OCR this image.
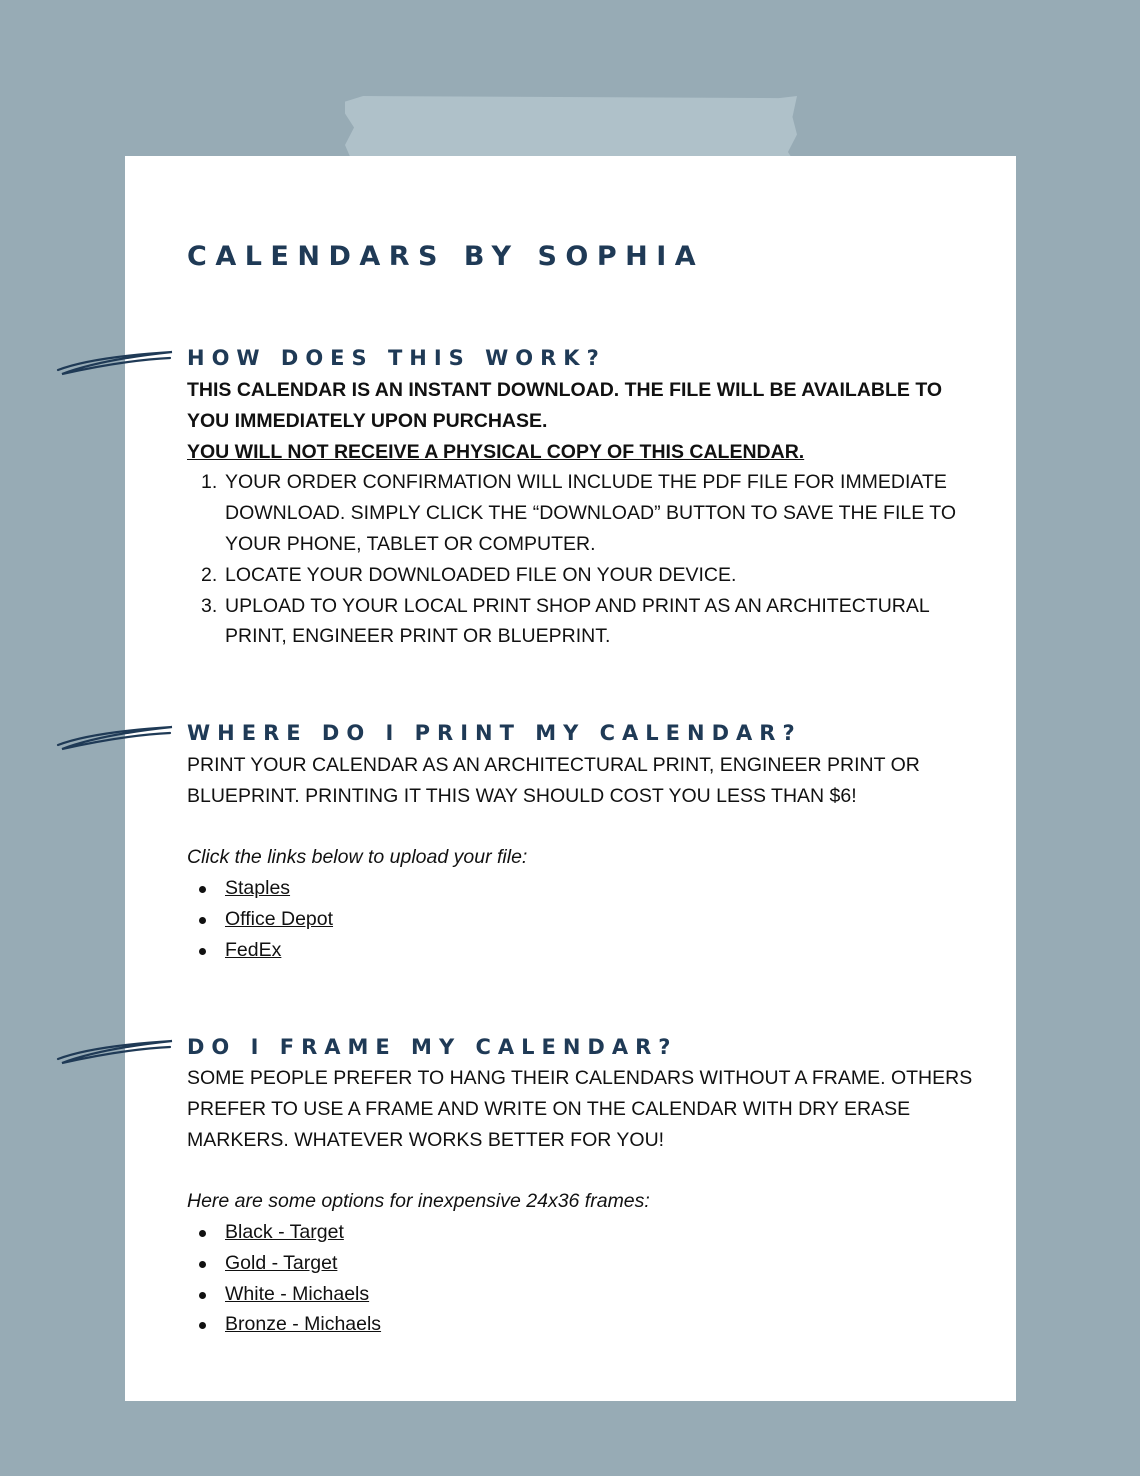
CALENDARS BY SOPHIA
HOW DOES THIS WORK?
THIS CALENDAR IS AN INSTANT DOWNLOAD. THE FILE WILL BE AVAILABLE TO
YOU IMMEDIATELY UPON PURCHASE.
YOU WILL NOT RECEIVE A PHYSICAL COPY OF THIS CALENDAR.
1. YOUR ORDER CONFIRMATION WILL INCLUDE THE PDF FILE FOR IMMEDIATE
DOWNLOAD. SIMPLY CLICK THE “DOWNLOAD” BUTTON TO SAVE THE FILE TO
YOUR PHONE, TABLET OR COMPUTER.
2. LOCATE YOUR DOWNLOADED FILE ON YOUR DEVICE.
3. UPLOAD TO YOUR LOCAL PRINT SHOP AND PRINT AS AN ARCHITECTURAL
PRINT, ENGINEER PRINT OR BLUEPRINT.
WHERE DO I PRINT MY CALENDAR?
PRINT YOUR CALENDAR AS AN ARCHITECTURAL PRINT, ENGINEER PRINT OR
BLUEPRINT. PRINTING IT THIS WAY SHOULD COST YOU LESS THAN $6!
Click the links below to upload your file:
Staples
Office Depot
FedEx
DO I FRAME MY CALENDAR?
SOME PEOPLE PREFER TO HANG THEIR CALENDARS WITHOUT A FRAME. OTHERS
PREFER TO USE A FRAME AND WRITE ON THE CALENDAR WITH DRY ERASE
MARKERS. WHATEVER WORKS BETTER FOR YOU!
Here are some options for inexpensive 24x36 frames:
Black - Target
Gold - Target
White - Michaels
Bronze - Michaels
